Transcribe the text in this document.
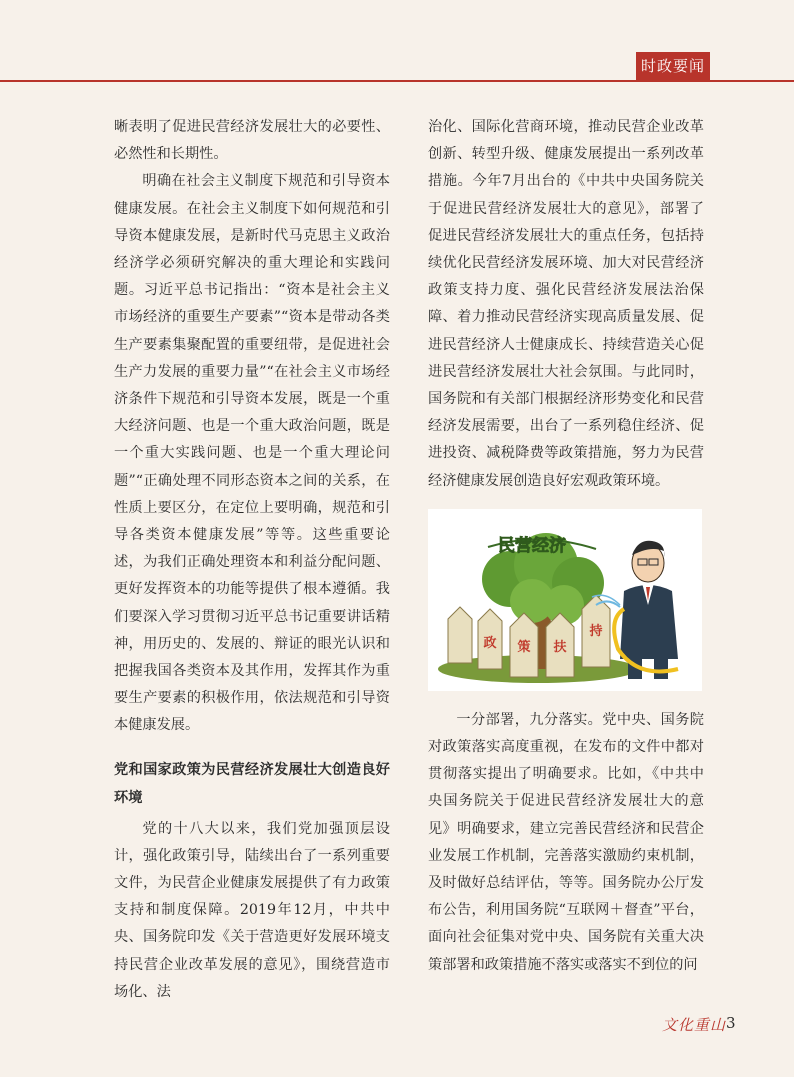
时政要闻

晰表明了促进民营经济发展壮大的必要性、必然性和长期性。

明确在社会主义制度下规范和引导资本健康发展。在社会主义制度下如何规范和引导资本健康发展，是新时代马克思主义政治经济学必须研究解决的重大理论和实践问题。习近平总书记指出：“资本是社会主义市场经济的重要生产要素”“资本是带动各类生产要素集聚配置的重要纽带，是促进社会生产力发展的重要力量”“在社会主义市场经济条件下规范和引导资本发展，既是一个重大经济问题、也是一个重大政治问题，既是一个重大实践问题、也是一个重大理论问题”“正确处理不同形态资本之间的关系，在性质上要区分，在定位上要明确，规范和引导各类资本健康发展”等等。这些重要论述，为我们正确处理资本和利益分配问题、更好发挥资本的功能等提供了根本遵循。我们要深入学习贯彻习近平总书记重要讲话精神，用历史的、发展的、辩证的眼光认识和把握我国各类资本及其作用，发挥其作为重要生产要素的积极作用，依法规范和引导资本健康发展。

党和国家政策为民营经济发展壮大创造良好环境

党的十八大以来，我们党加强顶层设计，强化政策引导，陆续出台了一系列重要文件，为民营企业健康发展提供了有力政策支持和制度保障。2019年12月，中共中央、国务院印发《关于营造更好发展环境支持民营企业改革发展的意见》，围绕营造市场化、法

治化、国际化营商环境，推动民营企业改革创新、转型升级、健康发展提出一系列改革措施。今年7月出台的《中共中央国务院关于促进民营经济发展壮大的意见》，部署了促进民营经济发展壮大的重点任务，包括持续优化民营经济发展环境、加大对民营经济政策支持力度、强化民营经济发展法治保障、着力推动民营经济实现高质量发展、促进民营经济人士健康成长、持续营造关心促进民营经济发展壮大社会氛围。与此同时，国务院和有关部门根据经济形势变化和民营经济发展需要，出台了一系列稳住经济、促进投资、减税降费等政策措施，努力为民营经济健康发展创造良好宏观政策环境。

民营经济
政 策 扶
持

一分部署，九分落实。党中央、国务院对政策落实高度重视，在发布的文件中都对贯彻落实提出了明确要求。比如，《中共中央国务院关于促进民营经济发展壮大的意见》明确要求，建立完善民营经济和民营企业发展工作机制，完善落实激励约束机制，及时做好总结评估，等等。国务院办公厅发布公告，利用国务院“互联网＋督查”平台，面向社会征集对党中央、国务院有关重大决策部署和政策措施不落实或落实不到位的问

文化重山 3
